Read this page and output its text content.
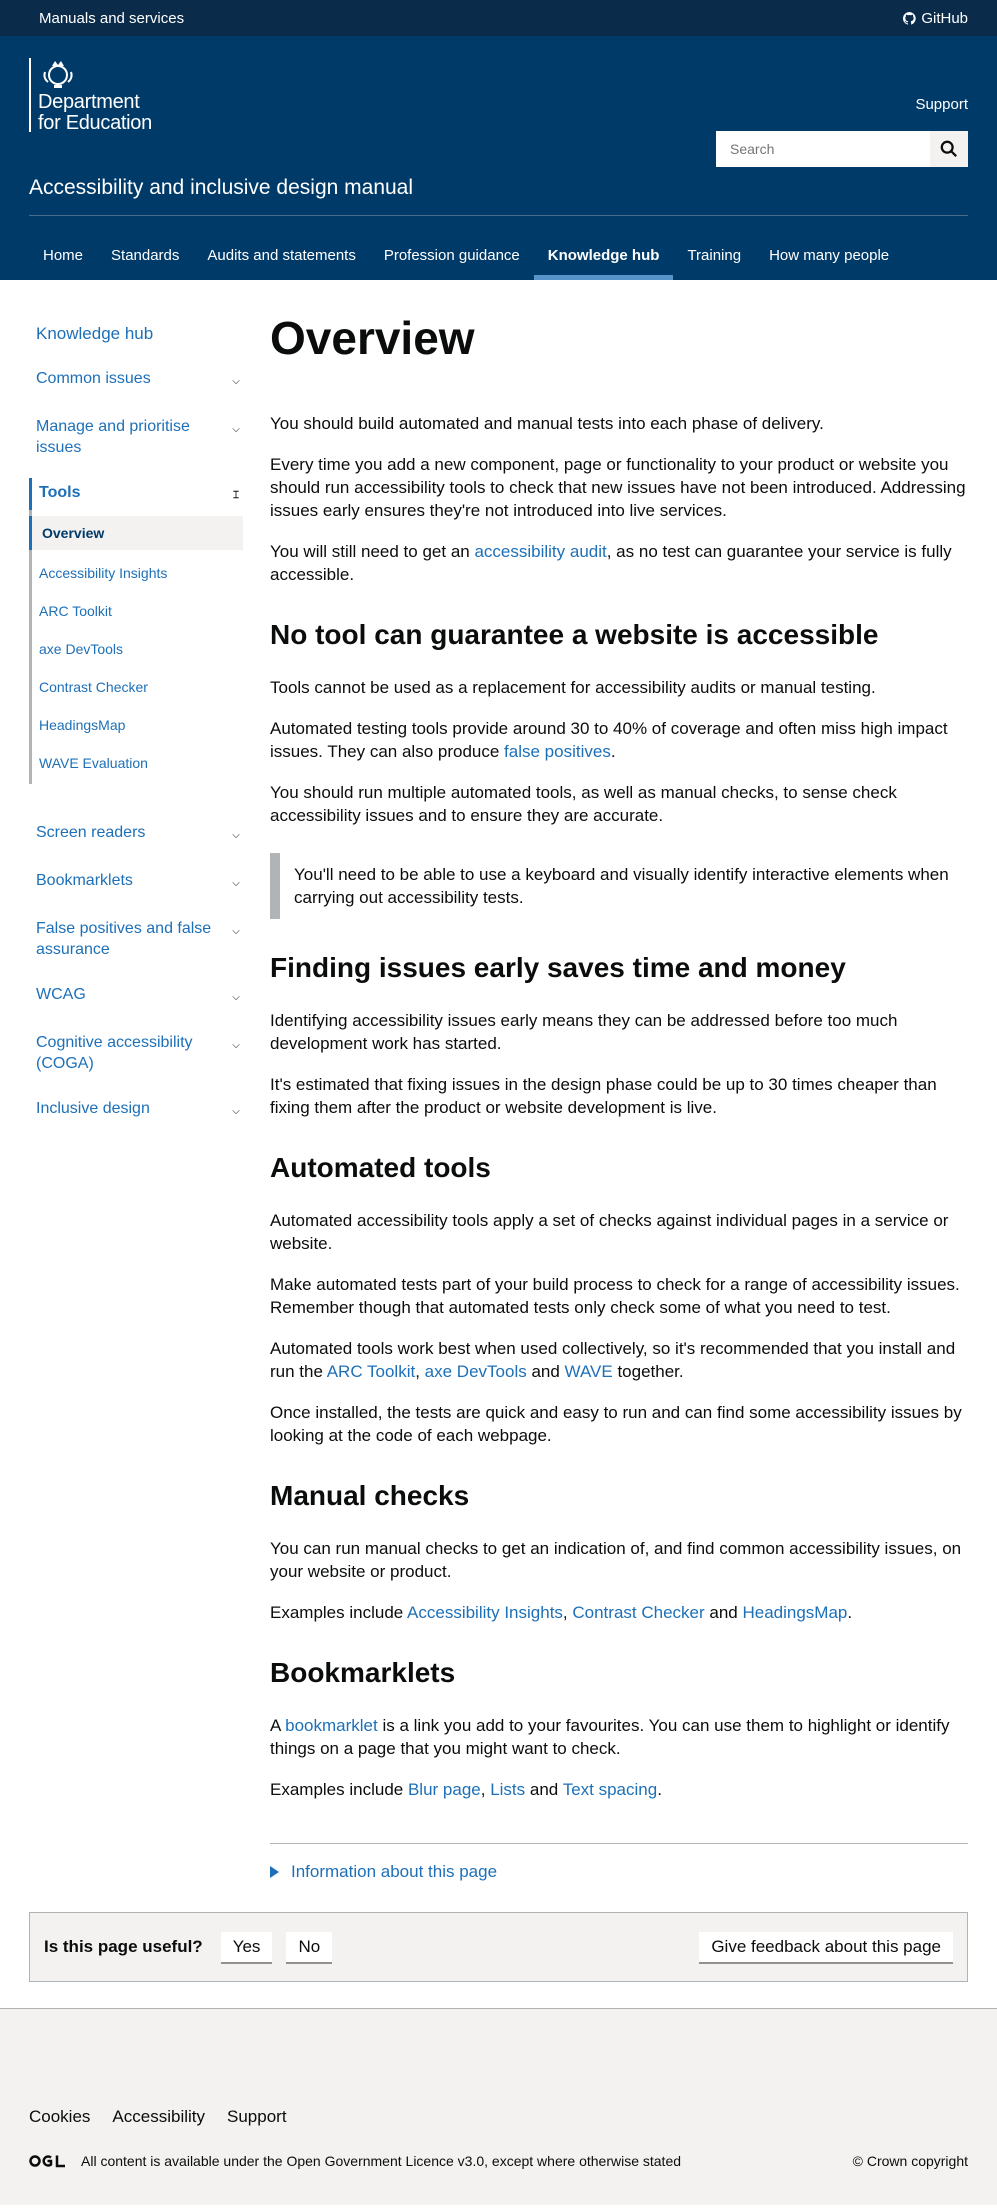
Manuals and services	GitHub
Department
for Education
Accessibility and inclusive design manual
Support
Search
Home	Standards	Audits and statements	Profession guidance	Knowledge hub	Training	How many people
Knowledge hub
Common issues	⌵
Manage and prioritise issues
⌵
Tools	⌶
Overview
Accessibility Insights
ARC Toolkit
axe DevTools
Contrast Checker
HeadingsMap
WAVE Evaluation
Screen readers	⌵
Bookmarklets	⌵
False positives and false assurance
⌵
WCAG	⌵
Cognitive accessibility (COGA)
⌵
Inclusive design	⌵
Overview

You should build automated and manual tests into each phase of delivery.

Every time you add a new component, page or functionality to your product or website you should run accessibility tools to check that new issues have not been introduced. Addressing issues early ensures they're not introduced into live services.

You will still need to get an accessibility audit, as no test can guarantee your service is fully accessible.

No tool can guarantee a website is accessible

Tools cannot be used as a replacement for accessibility audits or manual testing.

Automated testing tools provide around 30 to 40% of coverage and often miss high impact issues. They can also produce false positives.

You should run multiple automated tools, as well as manual checks, to sense check accessibility issues and to ensure they are accurate.

You'll need to be able to use a keyboard and visually identify interactive elements when carrying out accessibility tests.
Finding issues early saves time and money

Identifying accessibility issues early means they can be addressed before too much development work has started.

It's estimated that fixing issues in the design phase could be up to 30 times cheaper than fixing them after the product or website development is live.

Automated tools

Automated accessibility tools apply a set of checks against individual pages in a service or website.

Make automated tests part of your build process to check for a range of accessibility issues. Remember though that automated tests only check some of what you need to test.

Automated tools work best when used collectively, so it's recommended that you install and run the ARC Toolkit, axe DevTools and WAVE together.

Once installed, the tests are quick and easy to run and can find some accessibility issues by looking at the code of each webpage.

Manual checks

You can run manual checks to get an indication of, and find common accessibility issues, on your website or product.

Examples include Accessibility Insights, Contrast Checker and HeadingsMap.

Bookmarklets

A bookmarklet is a link you add to your favourites. You can use them to highlight or identify things on a page that you might want to check.

Examples include Blur page, Lists and Text spacing.

Information about this page
Is this page useful?	Yes	No	Give feedback about this page
Cookies Accessibility Support
All content is available under the Open Government Licence v3.0, except where otherwise stated	© Crown copyright
